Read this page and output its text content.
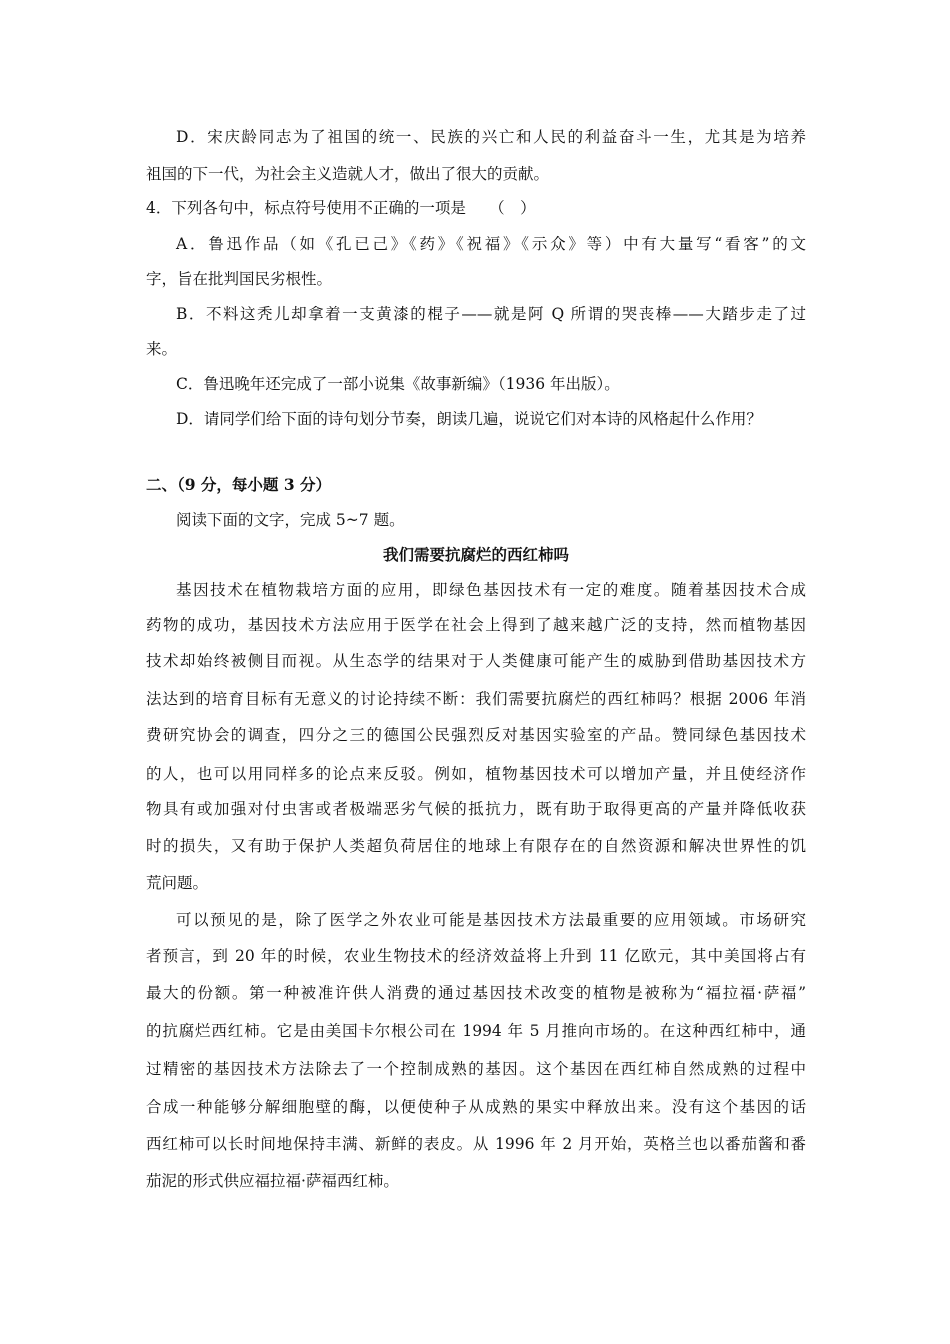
D．宋庆龄同志为了祖国的统一、民族的兴亡和人民的利益奋斗一生，尤其是为培养
祖国的下一代，为社会主义造就人才，做出了很大的贡献。
4．下列各句中，标点符号使用不正确的一项是　　（　）
A．鲁迅作品（如《孔已己》《药》《祝福》《示众》等）中有大量写“看客”的文
字，旨在批判国民劣根性。
B．不料这秃儿却拿着一支黄漆的棍子——就是阿 Q 所谓的哭丧棒——大踏步走了过
来。
C．鲁迅晚年还完成了一部小说集《故事新编》（1936 年出版）。
D．请同学们给下面的诗句划分节奏，朗读几遍，说说它们对本诗的风格起什么作用？
二、（9 分，每小题 3 分）
阅读下面的文字，完成 5~7 题。
我们需要抗腐烂的西红柿吗
基因技术在植物栽培方面的应用，即绿色基因技术有一定的难度。随着基因技术合成
药物的成功，基因技术方法应用于医学在社会上得到了越来越广泛的支持，然而植物基因
技术却始终被侧目而视。从生态学的结果对于人类健康可能产生的威胁到借助基因技术方
法达到的培育目标有无意义的讨论持续不断：我们需要抗腐烂的西红柿吗？根据 2006 年消
费研究协会的调查，四分之三的德国公民强烈反对基因实验室的产品。赞同绿色基因技术
的人，也可以用同样多的论点来反驳。例如，植物基因技术可以增加产量，并且使经济作
物具有或加强对付虫害或者极端恶劣气候的抵抗力，既有助于取得更高的产量并降低收获
时的损失，又有助于保护人类超负荷居住的地球上有限存在的自然资源和解决世界性的饥
荒问题。
可以预见的是，除了医学之外农业可能是基因技术方法最重要的应用领域。市场研究
者预言，到 20 年的时候，农业生物技术的经济效益将上升到 11 亿欧元，其中美国将占有
最大的份额。第一种被准许供人消费的通过基因技术改变的植物是被称为“福拉福·萨福”
的抗腐烂西红柿。它是由美国卡尔根公司在 1994 年 5 月推向市场的。在这种西红柿中，通
过精密的基因技术方法除去了一个控制成熟的基因。这个基因在西红柿自然成熟的过程中
合成一种能够分解细胞壁的酶，以便使种子从成熟的果实中释放出来。没有这个基因的话
西红柿可以长时间地保持丰满、新鲜的表皮。从 1996 年 2 月开始，英格兰也以番茄酱和番
茄泥的形式供应福拉福·萨福西红柿。
